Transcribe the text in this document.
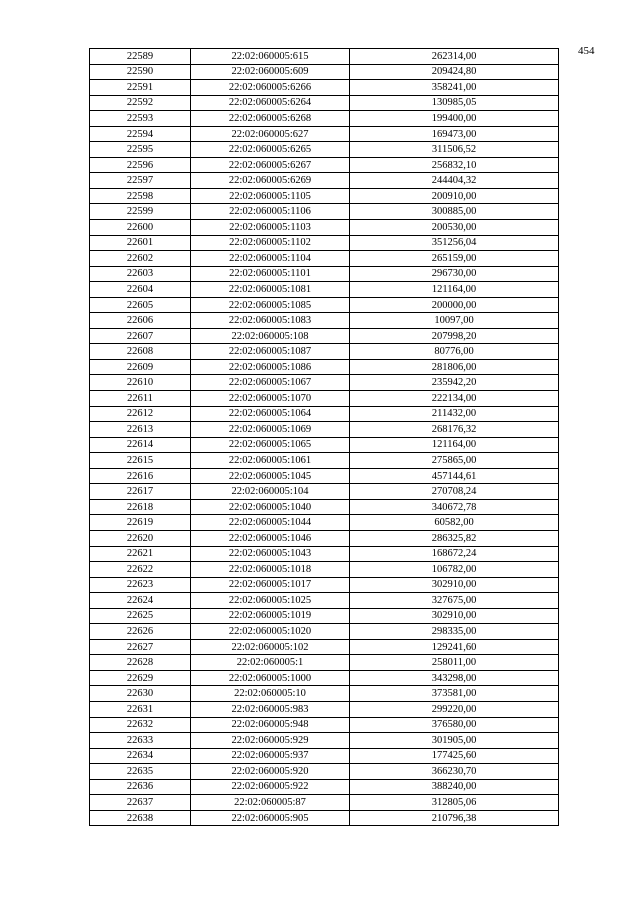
454
22589	22:02:060005:615	262314,00
22590	22:02:060005:609	209424,80
22591	22:02:060005:6266	358241,00
22592	22:02:060005:6264	130985,05
22593	22:02:060005:6268	199400,00
22594	22:02:060005:627	169473,00
22595	22:02:060005:6265	311506,52
22596	22:02:060005:6267	256832,10
22597	22:02:060005:6269	244404,32
22598	22:02:060005:1105	200910,00
22599	22:02:060005:1106	300885,00
22600	22:02:060005:1103	200530,00
22601	22:02:060005:1102	351256,04
22602	22:02:060005:1104	265159,00
22603	22:02:060005:1101	296730,00
22604	22:02:060005:1081	121164,00
22605	22:02:060005:1085	200000,00
22606	22:02:060005:1083	10097,00
22607	22:02:060005:108	207998,20
22608	22:02:060005:1087	80776,00
22609	22:02:060005:1086	281806,00
22610	22:02:060005:1067	235942,20
22611	22:02:060005:1070	222134,00
22612	22:02:060005:1064	211432,00
22613	22:02:060005:1069	268176,32
22614	22:02:060005:1065	121164,00
22615	22:02:060005:1061	275865,00
22616	22:02:060005:1045	457144,61
22617	22:02:060005:104	270708,24
22618	22:02:060005:1040	340672,78
22619	22:02:060005:1044	60582,00
22620	22:02:060005:1046	286325,82
22621	22:02:060005:1043	168672,24
22622	22:02:060005:1018	106782,00
22623	22:02:060005:1017	302910,00
22624	22:02:060005:1025	327675,00
22625	22:02:060005:1019	302910,00
22626	22:02:060005:1020	298335,00
22627	22:02:060005:102	129241,60
22628	22:02:060005:1	258011,00
22629	22:02:060005:1000	343298,00
22630	22:02:060005:10	373581,00
22631	22:02:060005:983	299220,00
22632	22:02:060005:948	376580,00
22633	22:02:060005:929	301905,00
22634	22:02:060005:937	177425,60
22635	22:02:060005:920	366230,70
22636	22:02:060005:922	388240,00
22637	22:02:060005:87	312805,06
22638	22:02:060005:905	210796,38
